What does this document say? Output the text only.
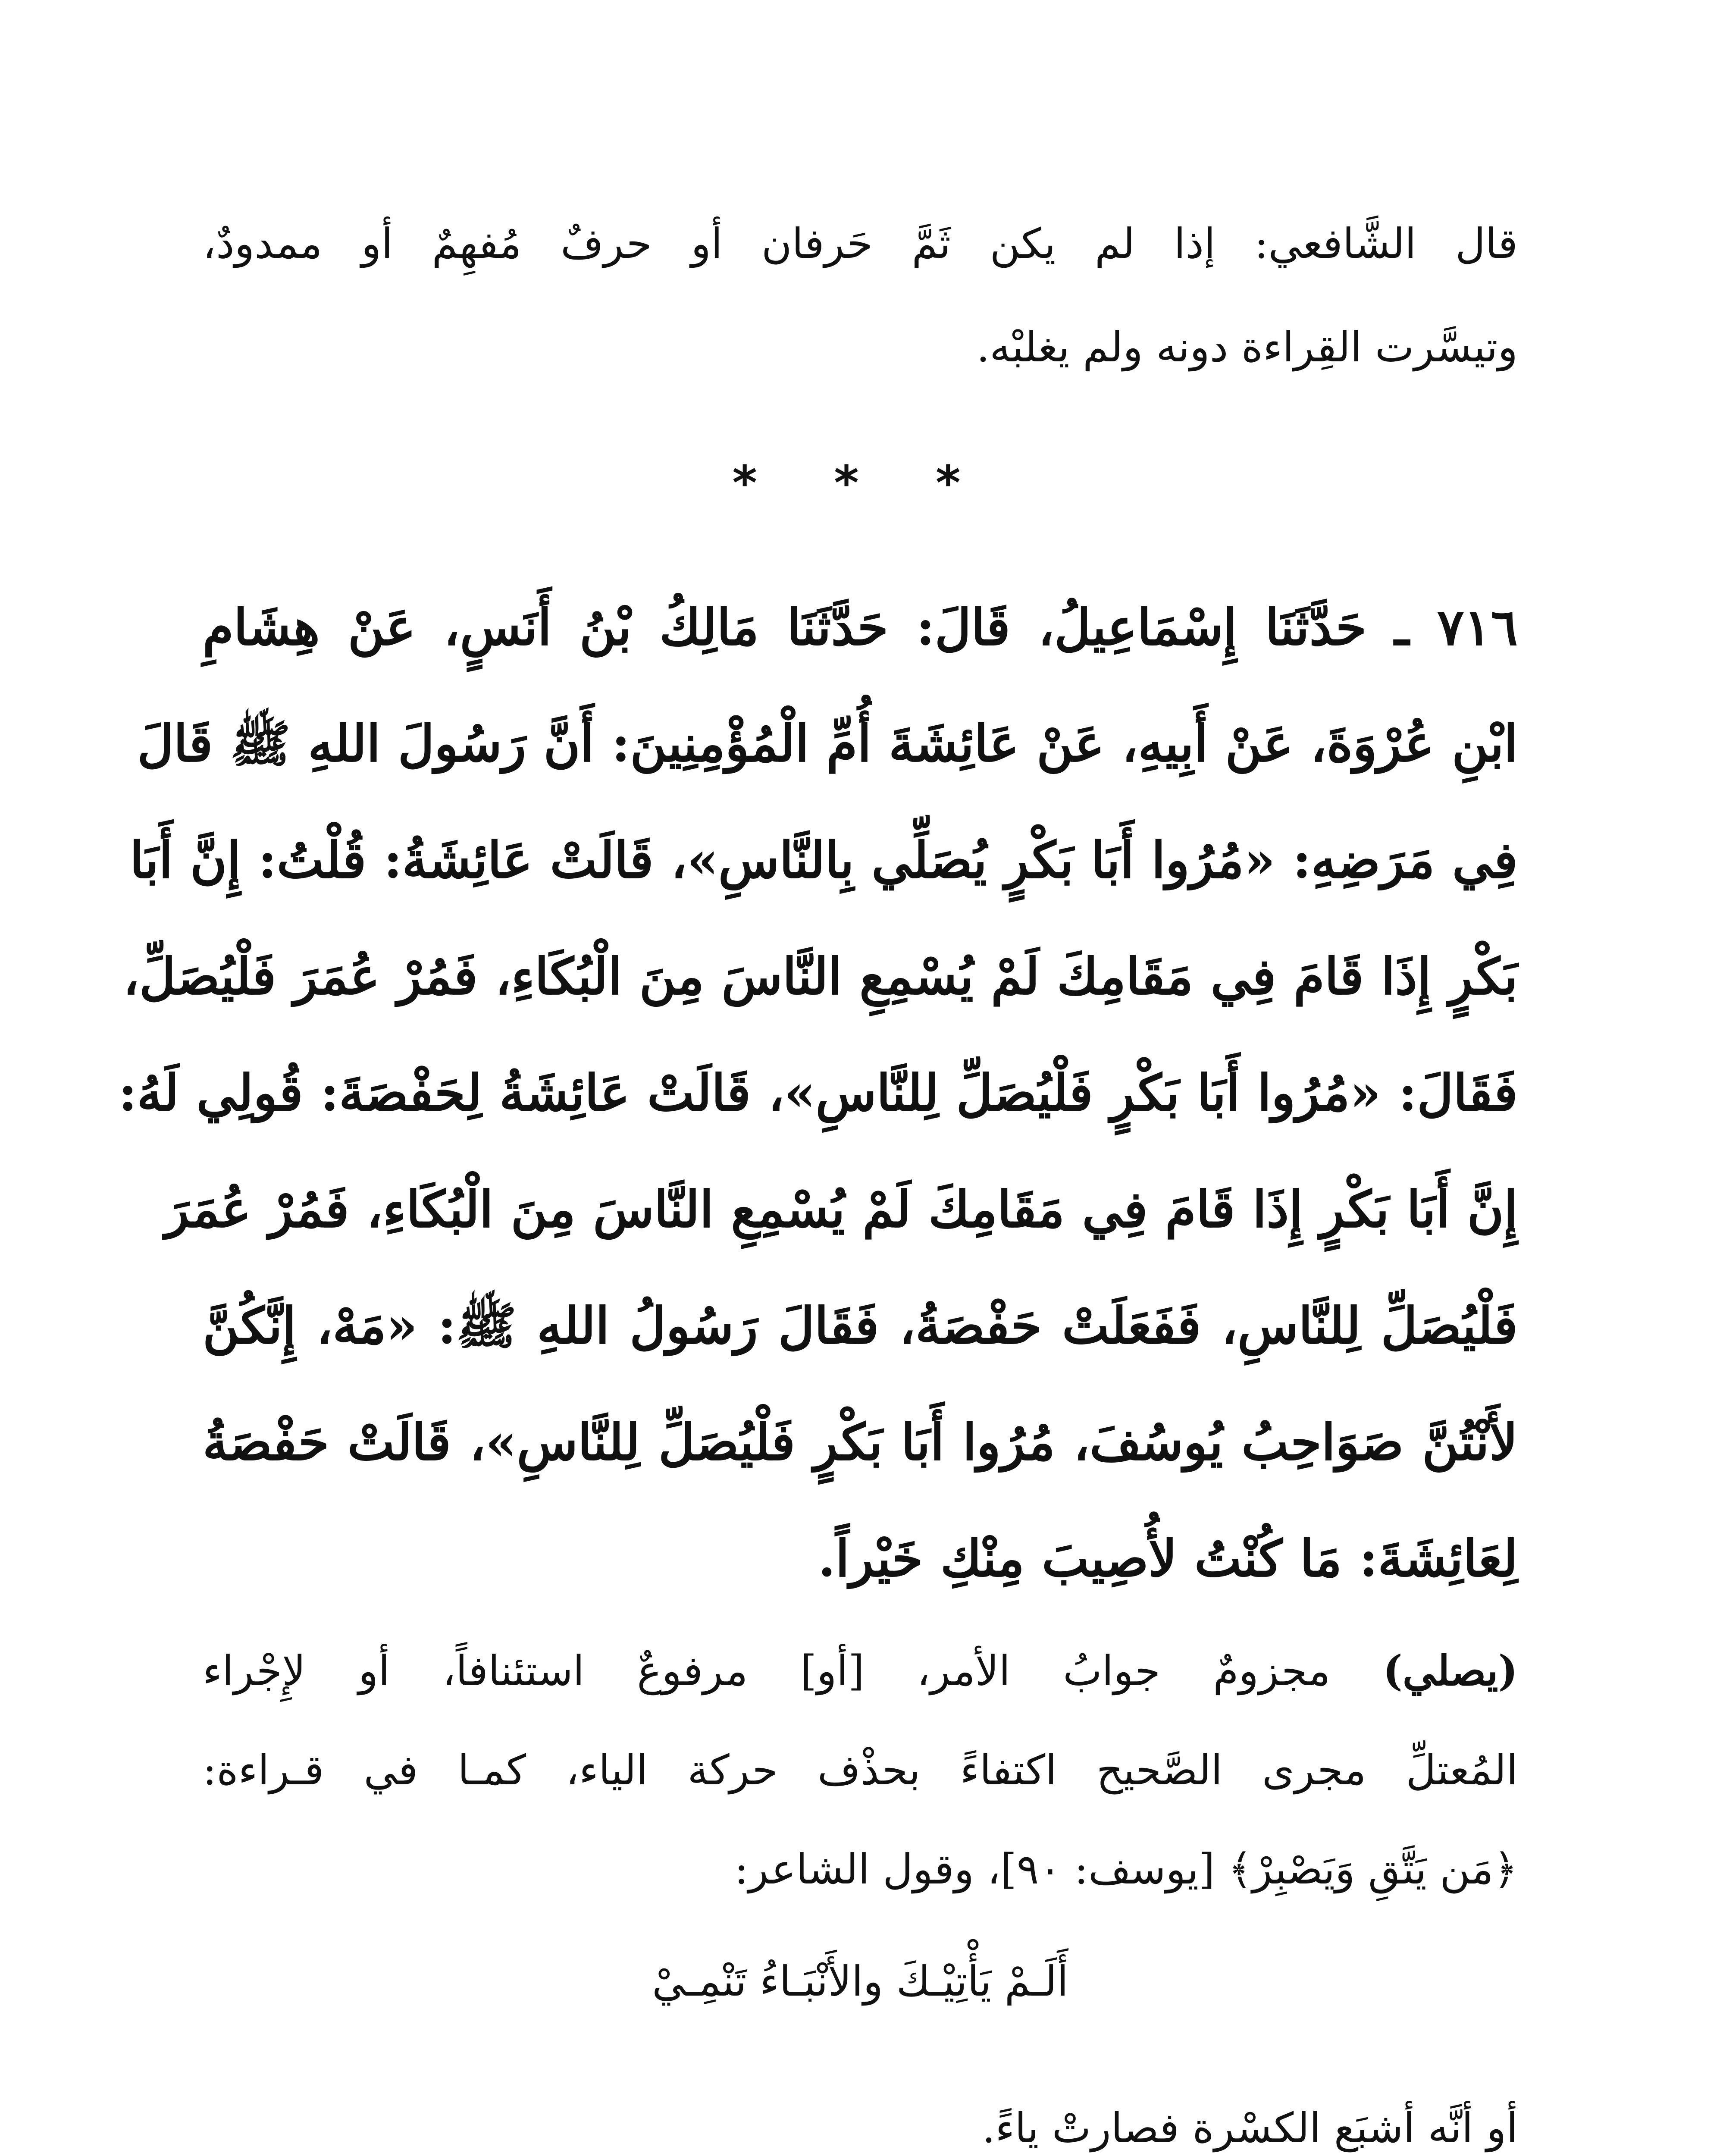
قال الشَّافعي: إذا لم يكن ثَمَّ حَرفان أو حرفٌ مُفهِمٌ أو ممدودٌ،
وتيسَّرت القِراءة دونه ولم يغلبْه.
* * *
٧١٦ ـ حَدَّثَنَا إِسْمَاعِيلُ، قَالَ: حَدَّثَنَا مَالِكُ بْنُ أَنَسٍ، عَنْ هِشَامِ
ابْنِ عُرْوَةَ، عَنْ أَبِيهِ، عَنْ عَائِشَةَ أُمِّ الْمُؤْمِنِينَ: أَنَّ رَسُولَ اللهِ ﷺ قَالَ
فِي مَرَضِهِ: «مُرُوا أَبَا بَكْرٍ يُصَلِّي بِالنَّاسِ»، قَالَتْ عَائِشَةُ: قُلْتُ: إِنَّ أَبَا
بَكْرٍ إِذَا قَامَ فِي مَقَامِكَ لَمْ يُسْمِعِ النَّاسَ مِنَ الْبُكَاءِ، فَمُرْ عُمَرَ فَلْيُصَلِّ،
فَقَالَ: «مُرُوا أَبَا بَكْرٍ فَلْيُصَلِّ لِلنَّاسِ»، قَالَتْ عَائِشَةُ لِحَفْصَةَ: قُولِي لَهُ:
إِنَّ أَبَا بَكْرٍ إِذَا قَامَ فِي مَقَامِكَ لَمْ يُسْمِعِ النَّاسَ مِنَ الْبُكَاءِ، فَمُرْ عُمَرَ
فَلْيُصَلِّ لِلنَّاسِ، فَفَعَلَتْ حَفْصَةُ، فَقَالَ رَسُولُ اللهِ ﷺ: «مَهْ، إِنَّكُنَّ
لأَنْتُنَّ صَوَاحِبُ يُوسُفَ، مُرُوا أَبَا بَكْرٍ فَلْيُصَلِّ لِلنَّاسِ»، قَالَتْ حَفْصَةُ
لِعَائِشَةَ: مَا كُنْتُ لأُصِيبَ مِنْكِ خَيْراً.
(يصلي) مجزومٌ جوابُ الأمر، [أو] مرفوعٌ استئنافاً، أو لإِجْراء
المُعتلِّ مجرى الصَّحيح اكتفاءً بحذْف حركة الياء، كمـا في قـراءة:
﴿مَن يَتَّقِ وَيَصْبِرْ﴾ [يوسف: ٩٠]، وقول الشاعر:
أَلَـمْ يَأْتِيْـكَ والأَنْبَـاءُ تَنْمِـيْ
أو أنَّه أشبَع الكسْرة فصارتْ ياءً.
